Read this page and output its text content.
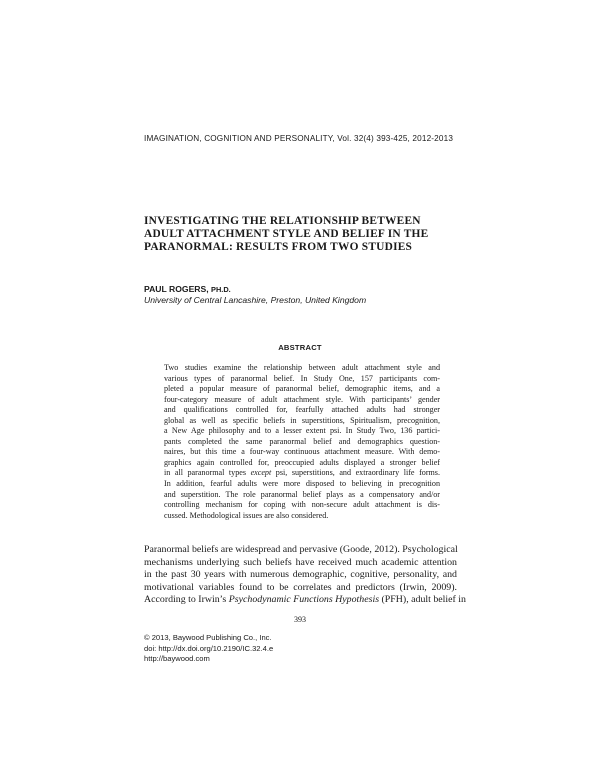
IMAGINATION, COGNITION AND PERSONALITY, Vol. 32(4) 393-425, 2012-2013
INVESTIGATING THE RELATIONSHIP BETWEEN
ADULT ATTACHMENT STYLE AND BELIEF IN THE
PARANORMAL: RESULTS FROM TWO STUDIES
PAUL ROGERS, PH.D.
University of Central Lancashire, Preston, United Kingdom
ABSTRACT
Two studies examine the relationship between adult attachment style and
various types of paranormal belief. In Study One, 157 participants com-
pleted a popular measure of paranormal belief, demographic items, and a
four-category measure of adult attachment style. With participants’ gender
and qualifications controlled for, fearfully attached adults had stronger
global as well as specific beliefs in superstitions, Spiritualism, precognition,
a New Age philosophy and to a lesser extent psi. In Study Two, 136 partici-
pants completed the same paranormal belief and demographics question-
naires, but this time a four-way continuous attachment measure. With demo-
graphics again controlled for, preoccupied adults displayed a stronger belief
in all paranormal types except psi, superstitions, and extraordinary life forms.
In addition, fearful adults were more disposed to believing in precognition
and superstition. The role paranormal belief plays as a compensatory and/or
controlling mechanism for coping with non-secure adult attachment is dis-
cussed. Methodological issues are also considered.
Paranormal beliefs are widespread and pervasive (Goode, 2012). Psychological
mechanisms underlying such beliefs have received much academic attention
in the past 30 years with numerous demographic, cognitive, personality, and
motivational variables found to be correlates and predictors (Irwin, 2009).
According to Irwin’s Psychodynamic Functions Hypothesis (PFH), adult belief in
393
© 2013, Baywood Publishing Co., Inc.
doi: http://dx.doi.org/10.2190/IC.32.4.e
http://baywood.com
